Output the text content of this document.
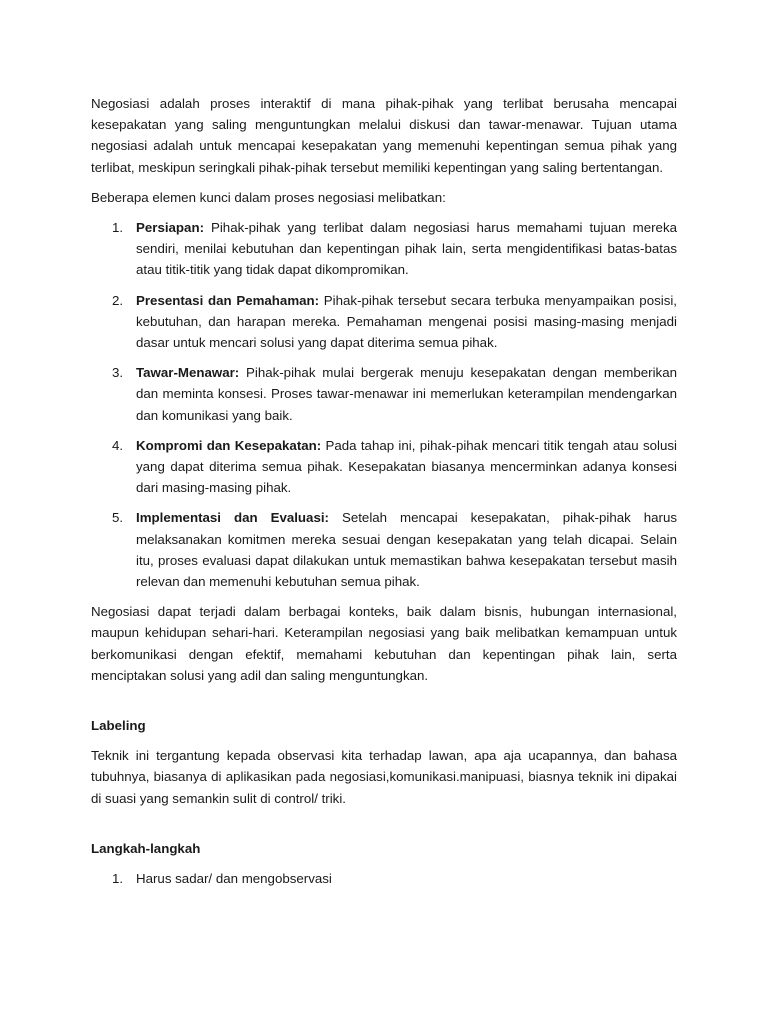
Negosiasi adalah proses interaktif di mana pihak-pihak yang terlibat berusaha mencapai kesepakatan yang saling menguntungkan melalui diskusi dan tawar-menawar. Tujuan utama negosiasi adalah untuk mencapai kesepakatan yang memenuhi kepentingan semua pihak yang terlibat, meskipun seringkali pihak-pihak tersebut memiliki kepentingan yang saling bertentangan.

Beberapa elemen kunci dalam proses negosiasi melibatkan:

1. Persiapan: Pihak-pihak yang terlibat dalam negosiasi harus memahami tujuan mereka sendiri, menilai kebutuhan dan kepentingan pihak lain, serta mengidentifikasi batas-batas atau titik-titik yang tidak dapat dikompromikan.
2. Presentasi dan Pemahaman: Pihak-pihak tersebut secara terbuka menyampaikan posisi, kebutuhan, dan harapan mereka. Pemahaman mengenai posisi masing-masing menjadi dasar untuk mencari solusi yang dapat diterima semua pihak.
3. Tawar-Menawar: Pihak-pihak mulai bergerak menuju kesepakatan dengan memberikan dan meminta konsesi. Proses tawar-menawar ini memerlukan keterampilan mendengarkan dan komunikasi yang baik.
4. Kompromi dan Kesepakatan: Pada tahap ini, pihak-pihak mencari titik tengah atau solusi yang dapat diterima semua pihak. Kesepakatan biasanya mencerminkan adanya konsesi dari masing-masing pihak.
5. Implementasi dan Evaluasi: Setelah mencapai kesepakatan, pihak-pihak harus melaksanakan komitmen mereka sesuai dengan kesepakatan yang telah dicapai. Selain itu, proses evaluasi dapat dilakukan untuk memastikan bahwa kesepakatan tersebut masih relevan dan memenuhi kebutuhan semua pihak.

Negosiasi dapat terjadi dalam berbagai konteks, baik dalam bisnis, hubungan internasional, maupun kehidupan sehari-hari. Keterampilan negosiasi yang baik melibatkan kemampuan untuk berkomunikasi dengan efektif, memahami kebutuhan dan kepentingan pihak lain, serta menciptakan solusi yang adil dan saling menguntungkan.

Labeling

Teknik ini tergantung kepada observasi kita terhadap lawan, apa aja ucapannya, dan bahasa tubuhnya, biasanya di aplikasikan pada negosiasi,komunikasi.manipuasi, biasnya teknik ini dipakai di suasi yang semankin sulit di control/ triki.

Langkah-langkah

1. Harus sadar/ dan mengobservasi
